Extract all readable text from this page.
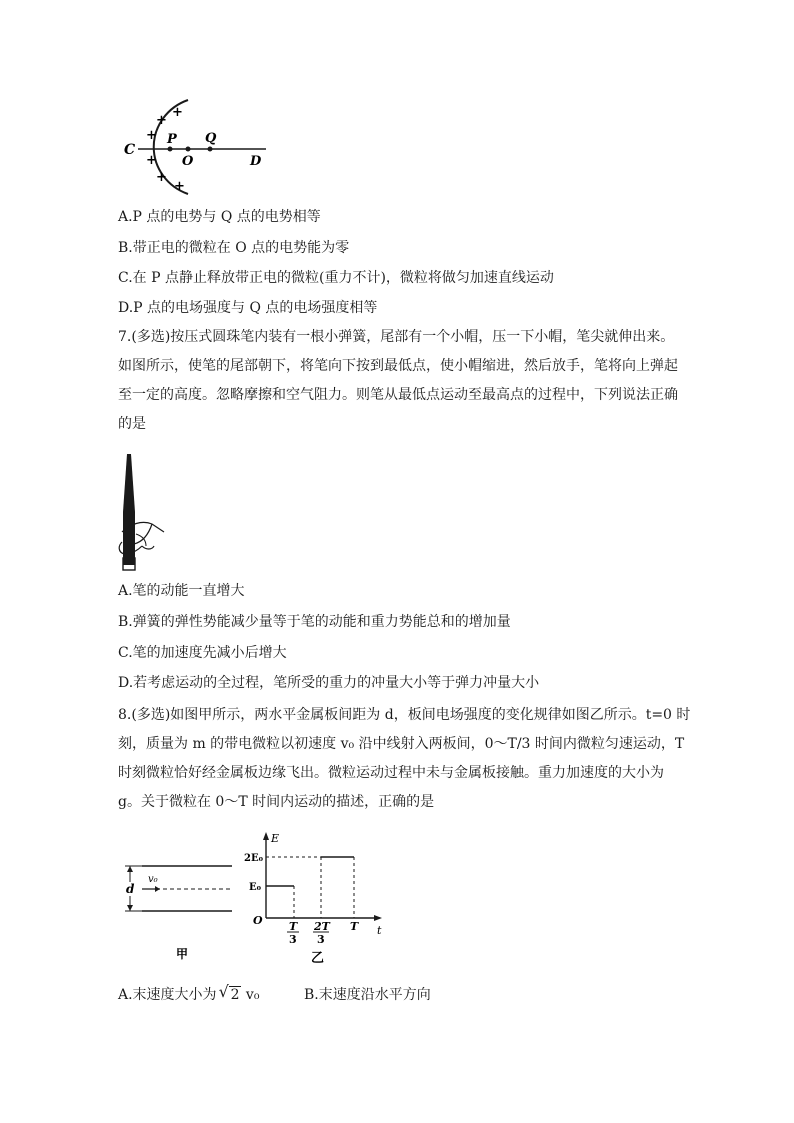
C
P
O
Q
D
+
+
+
+
+
+
A.P 点的电势与 Q 点的电势相等
B.带正电的微粒在 O 点的电势能为零
C.在 P 点静止释放带正电的微粒(重力不计)，微粒将做匀加速直线运动
D.P 点的电场强度与 Q 点的电场强度相等
7.(多选)按压式圆珠笔内装有一根小弹簧，尾部有一个小帽，压一下小帽，笔尖就伸出来。
如图所示，使笔的尾部朝下，将笔向下按到最低点，使小帽缩进，然后放手，笔将向上弹起
至一定的高度。忽略摩擦和空气阻力。则笔从最低点运动至最高点的过程中，下列说法正确
的是
A.笔的动能一直增大
B.弹簧的弹性势能减少量等于笔的动能和重力势能总和的增加量
C.笔的加速度先减小后增大
D.若考虑运动的全过程，笔所受的重力的冲量大小等于弹力冲量大小
8.(多选)如图甲所示，两水平金属板间距为 d，板间电场强度的变化规律如图乙所示。t=0 时
刻，质量为 m 的带电微粒以初速度 v₀ 沿中线射入两板间，0～T/3 时间内微粒匀速运动，T
时刻微粒恰好经金属板边缘飞出。微粒运动过程中未与金属板接触。重力加速度的大小为
g。关于微粒在 0～T 时间内运动的描述，正确的是
d
v₀
甲
E
t
O
2E₀
E₀
T
3
2T
3
T
乙
A.末速度大小为 √ 2 v₀	B.末速度沿水平方向
